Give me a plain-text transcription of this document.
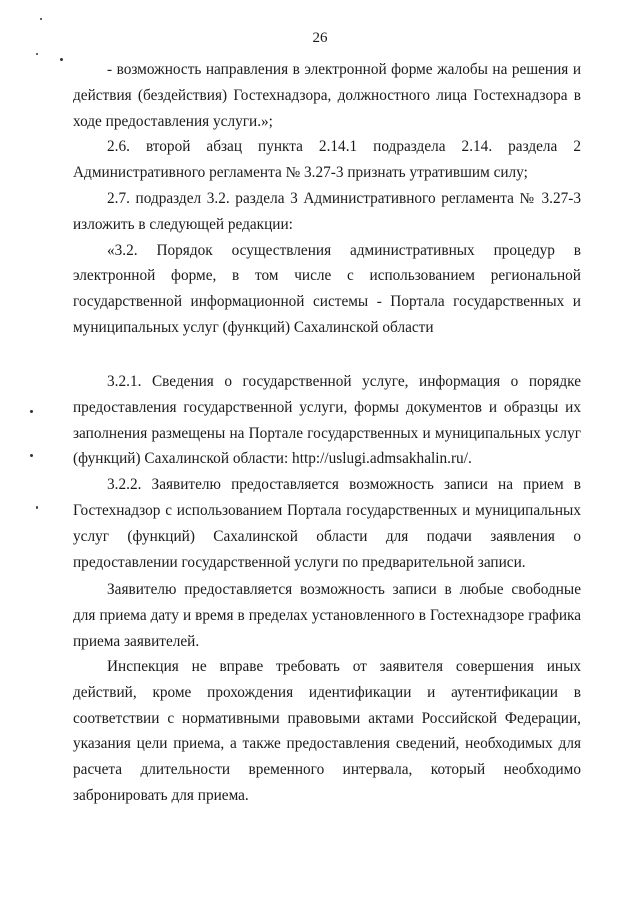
26

- возможность направления в электронной форме жалобы на решения и действия (бездействия) Гостехнадзора, должностного лица Гостехнадзора в ходе предоставления услуги.»;

2.6. второй абзац пункта 2.14.1 подраздела 2.14. раздела 2 Административного регламента № 3.27-3 признать утратившим силу;

2.7. подраздел 3.2. раздела 3 Административного регламента № 3.27-3 изложить в следующей редакции:

«3.2. Порядок осуществления административных процедур в электронной форме, в том числе с использованием региональной государственной информационной системы - Портала государственных и муниципальных услуг (функций) Сахалинской области

3.2.1. Сведения о государственной услуге, информация о порядке предоставления государственной услуги, формы документов и образцы их заполнения размещены на Портале государственных и муниципальных услуг (функций) Сахалинской области: http://uslugi.admsakhalin.ru/.

3.2.2. Заявителю предоставляется возможность записи на прием в Гостехнадзор с использованием Портала государственных и муниципальных услуг (функций) Сахалинской области для подачи заявления о предоставлении государственной услуги по предварительной записи.

Заявителю предоставляется возможность записи в любые свободные для приема дату и время в пределах установленного в Гостехнадзоре графика приема заявителей.

Инспекция не вправе требовать от заявителя совершения иных действий, кроме прохождения идентификации и аутентификации в соответствии с нормативными правовыми актами Российской Федерации, указания цели приема, а также предоставления сведений, необходимых для расчета длительности временного интервала, который необходимо забронировать для приема.
